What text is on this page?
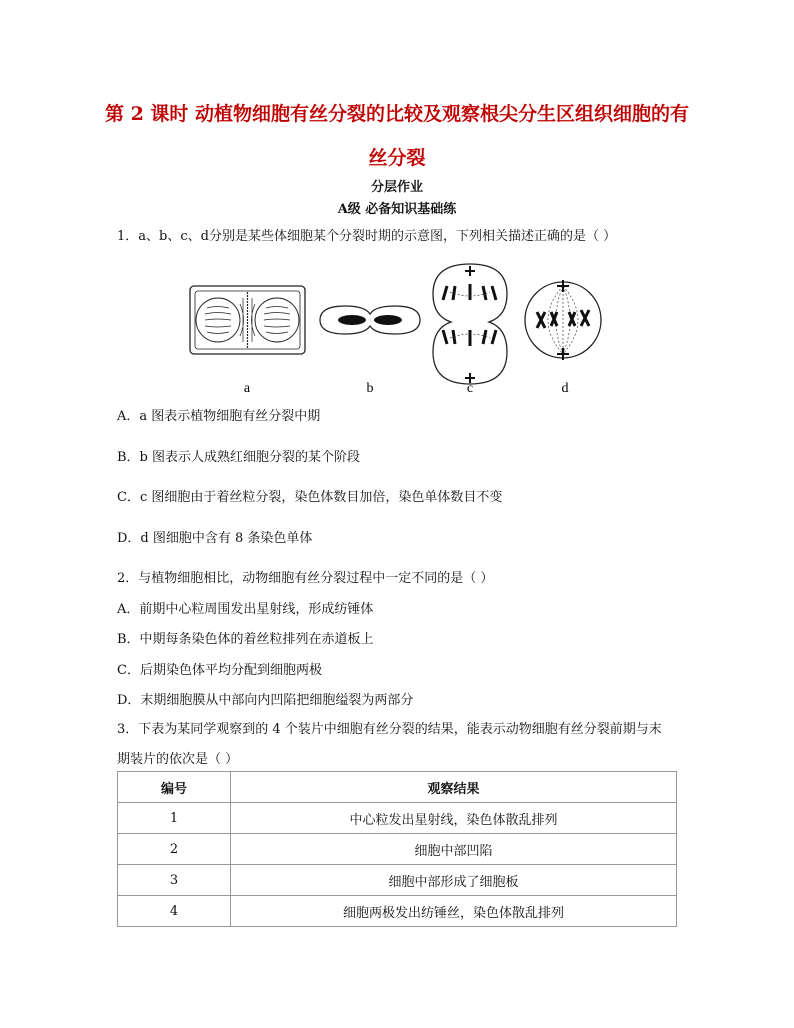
第 2 课时 动植物细胞有丝分裂的比较及观察根尖分生区组织细胞的有
丝分裂
分层作业
A级 必备知识基础练
1．a、b、c、d分别是某些体细胞某个分裂时期的示意图，下列相关描述正确的是（ ）
a	b	c	d
A．a 图表示植物细胞有丝分裂中期
B．b 图表示人成熟红细胞分裂的某个阶段
C．c 图细胞由于着丝粒分裂，染色体数目加倍，染色单体数目不变
D．d 图细胞中含有 8 条染色单体
2．与植物细胞相比，动物细胞有丝分裂过程中一定不同的是（ ）
A．前期中心粒周围发出星射线，形成纺锤体
B．中期每条染色体的着丝粒排列在赤道板上
C．后期染色体平均分配到细胞两极
D．末期细胞膜从中部向内凹陷把细胞缢裂为两部分
3．下表为某同学观察到的 4 个装片中细胞有丝分裂的结果，能表示动物细胞有丝分裂前期与末
期装片的依次是（ ）
编号	观察结果
1	中心粒发出星射线，染色体散乱排列
2	细胞中部凹陷
3	细胞中部形成了细胞板
4	细胞两极发出纺锤丝，染色体散乱排列
